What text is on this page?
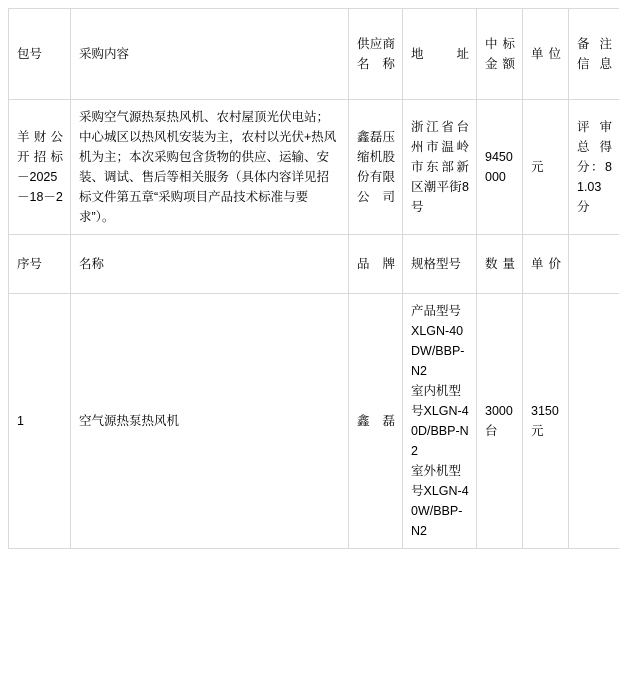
包号	采购内容	供应商名称	地址	中标金额	单位	备注信息
羊财公开招标 －2025－18－2	采购空气源热泵热风机、农村屋顶光伏电站；中心城区以热风机安装为主，农村以光伏+热风机为主；本次采购包含货物的供应、运输、安装、调试、售后等相关服务（具体内容详见招标文件第五章“采购项目产品技术标准与要求”）。	鑫磊压缩机股份有限公司	浙江省台州市温岭市东部新区潮平街8号	9450000	元	评审总得分：81.03分
序号	名称	品牌	规格型号	数量	单价	
1	空气源热泵热风机	鑫磊	产品型号XLGN-40DW/BBP-N2
室内机型号XLGN-40D/BBP-N2
室外机型号XLGN-40W/BBP-N2	3000台	3150元	
